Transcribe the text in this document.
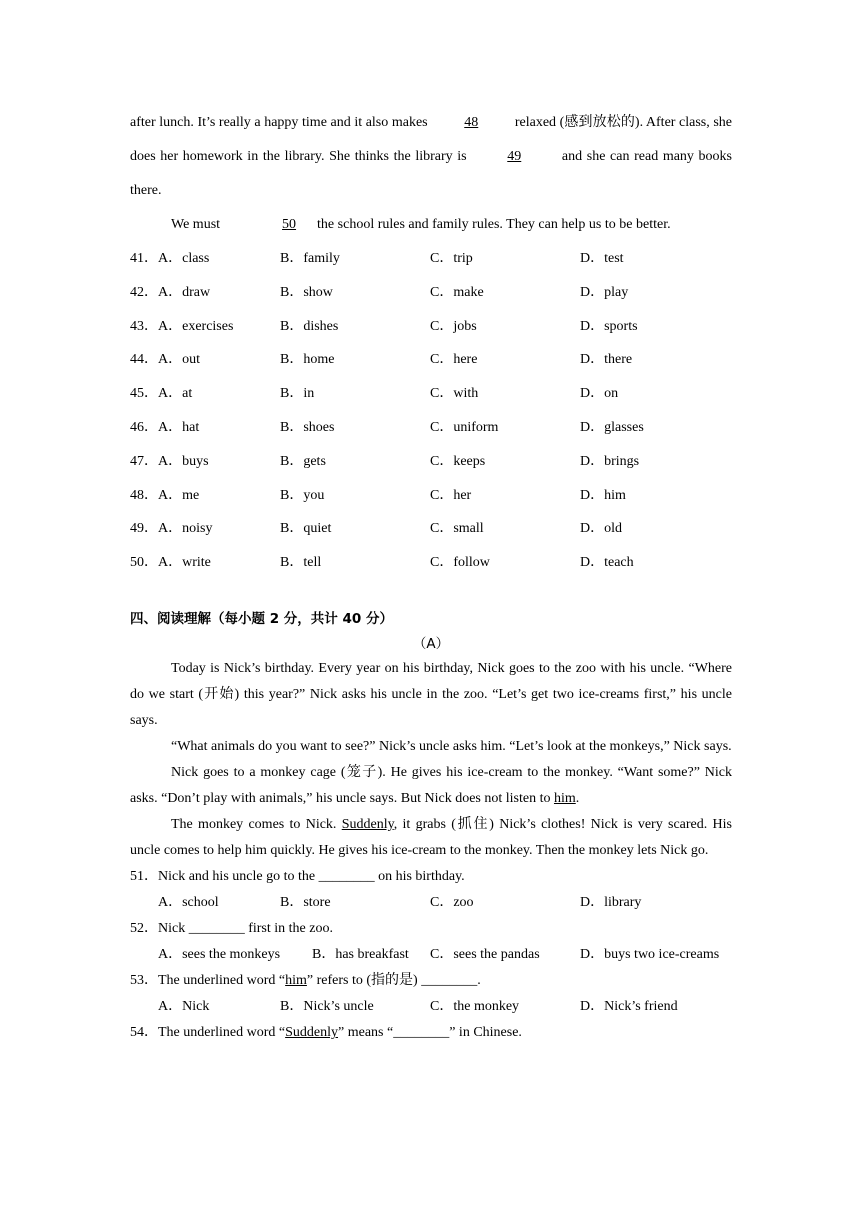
after lunch. It’s really a happy time and it also makes	48	relaxed (感到放松的). After class, she does her homework in the library. She thinks the library is	49	and she can read many books there.

We must	50 the school rules and family rules. They can help us to be better.

41．A．class	B．family	C．trip	D．test
42．A．draw	B．show	C．make	D．play
43．A．exercises	B．dishes	C．jobs	D．sports
44．A．out	B．home	C．here	D．there
45．A．at	B．in	C．with	D．on
46．A．hat	B．shoes	C．uniform	D．glasses
47．A．buys	B．gets	C．keeps	D．brings
48．A．me	B．you	C．her	D．him
49．A．noisy	B．quiet	C．small	D．old
50．A．write	B．tell	C．follow	D．teach

四、阅读理解（每小题 2 分，共计 40 分）

（A）

Today is Nick’s birthday. Every year on his birthday, Nick goes to the zoo with his uncle. “Where do we start (开始) this year?” Nick asks his uncle in the zoo. “Let’s get two ice-creams first,” his uncle says.

“What animals do you want to see?” Nick’s uncle asks him. “Let’s look at the monkeys,” Nick says.

Nick goes to a monkey cage (笼子). He gives his ice-cream to the monkey. “Want some?” Nick asks. “Don’t play with animals,” his uncle says. But Nick does not listen to him.

The monkey comes to Nick. Suddenly, it grabs (抓住) Nick’s clothes! Nick is very scared. His uncle comes to help him quickly. He gives his ice-cream to the monkey. Then the monkey lets Nick go.

51．Nick and his uncle go to the ________ on his birthday.

A．school	B．store	C．zoo	D．library

52．Nick ________ first in the zoo.

A．sees the monkeys B．has breakfast C．sees the pandas	D．buys two ice-creams

53．The underlined word “him” refers to (指的是) ________.

A．Nick	B．Nick’s uncle	C．the monkey	D．Nick’s friend

54．The underlined word “Suddenly” means “________” in Chinese.
